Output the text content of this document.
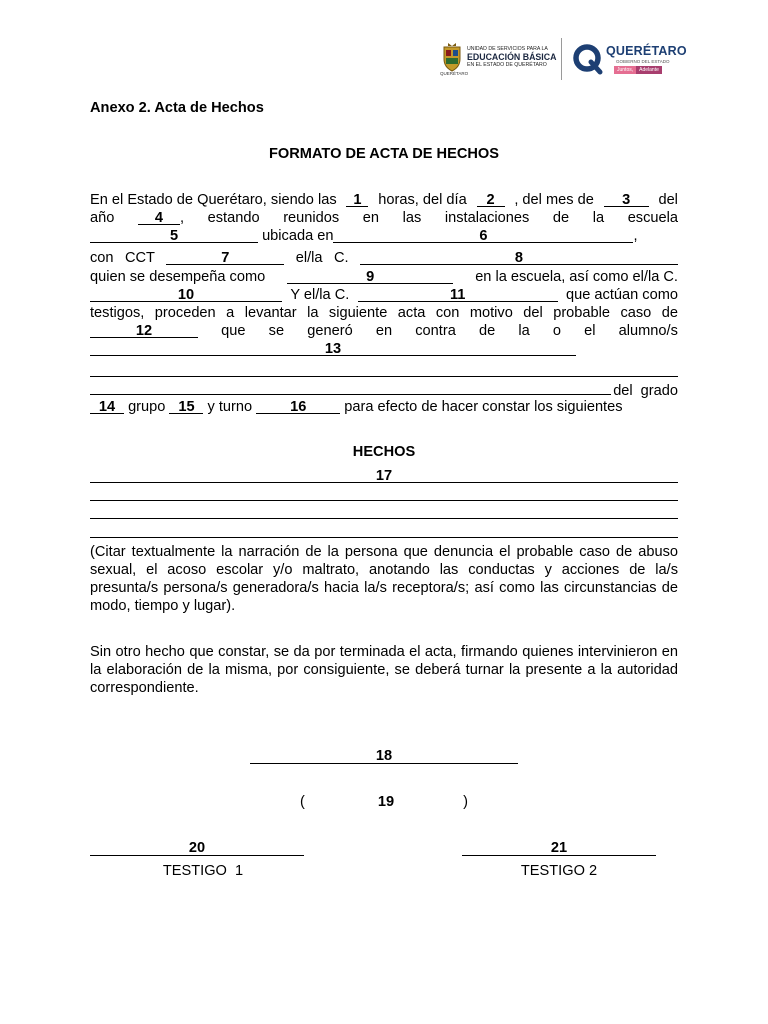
QUERÉTARO
UNIDAD DE SERVICIOS PARA LA
EDUCACIÓN BÁSICA
EN EL ESTADO DE QUERÉTARO
QUERÉTARO
GOBIERNO DEL ESTADO
Juntos,	Adelante
Anexo 2. Acta de Hechos
FORMATO DE ACTA DE HECHOS
En el Estado de Querétaro, siendo las	1	horas, del día	2	, del mes de	3	del
año	4	, estando reunidos en las instalaciones de la escuela
5	ubicada en	6	,
con CCT	7	el/la C.	8
quien se desempeña como	9	en la escuela, así como el/la C.
10	Y el/la C.	11	que actúan como
testigos, proceden a levantar la siguiente acta con motivo del probable caso de
12	que se generó en contra de la o el alumno/s
13
del grado
14 grupo 15 y turno	16	para efecto de hacer constar los siguientes
HECHOS
17
(Citar textualmente la narración de la persona que denuncia el probable caso de abuso sexual, el acoso escolar y/o maltrato, anotando las conductas y acciones de la/s presunta/s persona/s generadora/s hacia la/s receptora/s; así como las circunstancias de modo, tiempo y lugar).
Sin otro hecho que constar, se da por terminada el acta, firmando quienes intervinieron en la elaboración de la misma, por consiguiente, se deberá turnar la presente a la autoridad correspondiente.
18
(	19	)
20	21
TESTIGO  1	TESTIGO 2
